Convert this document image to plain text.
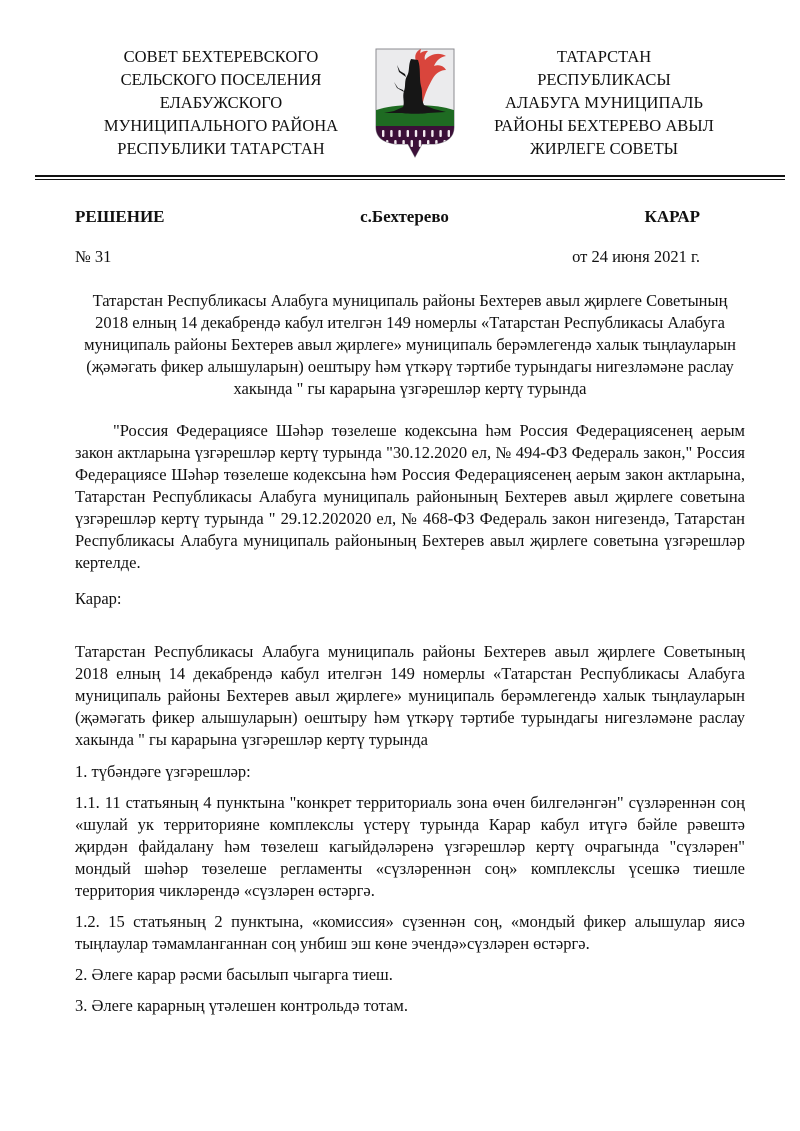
СОВЕТ БЕХТЕРЕВСКОГО
СЕЛЬСКОГО ПОСЕЛЕНИЯ
ЕЛАБУЖСКОГО
МУНИЦИПАЛЬНОГО РАЙОНА
РЕСПУБЛИКИ ТАТАРСТАН
ТАТАРСТАН
РЕСПУБЛИКАСЫ
АЛАБУГА МУНИЦИПАЛЬ
РАЙОНЫ БЕХТЕРЕВО АВЫЛ
ЖИРЛЕГЕ СОВЕТЫ
РЕШЕНИЕ	с.Бехтерево	КАРАР
№ 31	от 24 июня 2021 г.

Татарстан Республикасы Алабуга муниципаль районы Бехтерев авыл җирлеге Советының 2018 елның 14 декабрендә кабул ителгән 149 номерлы «Татарстан Республикасы Алабуга муниципаль районы Бехтерев авыл җирлеге» муниципаль берәмлегендә халык тыңлауларын (җәмәгать фикер алышуларын) оештыру һәм үткәрү тәртибе турындагы нигезләмәне раслау хакында " гы карарына үзгәрешләр кертү турында

"Россия Федерациясе Шәһәр төзелеше кодексына һәм Россия Федерациясенең аерым закон актларына үзгәрешләр кертү турында "30.12.2020 ел, № 494-ФЗ Федераль закон," Россия Федерациясе Шәһәр төзелеше кодексына һәм Россия Федерациясенең аерым закон актларына, Татарстан Республикасы Алабуга муниципаль районының Бехтерев авыл җирлеге советына үзгәрешләр кертү турында " 29.12.202020 ел, № 468-ФЗ Федераль закон нигезендә, Татарстан Республикасы Алабуга муниципаль районының Бехтерев авыл җирлеге советына үзгәрешләр кертелде.

Карар:

Татарстан Республикасы Алабуга муниципаль районы Бехтерев авыл җирлеге Советының 2018 елның 14 декабрендә кабул ителгән 149 номерлы «Татарстан Республикасы Алабуга муниципаль районы Бехтерев авыл җирлеге» муниципаль берәмлегендә халык тыңлауларын (җәмәгать фикер алышуларын) оештыру һәм үткәрү тәртибе турындагы нигезләмәне раслау хакында " гы карарына үзгәрешләр кертү турында

1. түбәндәге үзгәрешләр:

1.1. 11 статьяның 4 пунктына "конкрет территориаль зона өчен билгеләнгән" сүзләреннән соң «шулай ук территорияне комплекслы үстерү турында Карар кабул итүгә бәйле рәвештә җирдән файдалану һәм төзелеш кагыйдәләренә үзгәрешләр кертү очрагында "сүзләрен" мондый шәһәр төзелеше регламенты «сүзләреннән соң» комплекслы үсешкә тиешле территория чикләрендә «сүзләрен өстәргә.

1.2. 15 статьяның 2 пунктына, «комиссия» сүзеннән соң, «мондый фикер алышулар яисә тыңлаулар тәмамланганнан соң унбиш эш көне эчендә»сүзләрен өстәргә.

2. Әлеге карар рәсми басылып чыгарга тиеш.

3. Әлеге карарның үтәлешен контрольдә тотам.
